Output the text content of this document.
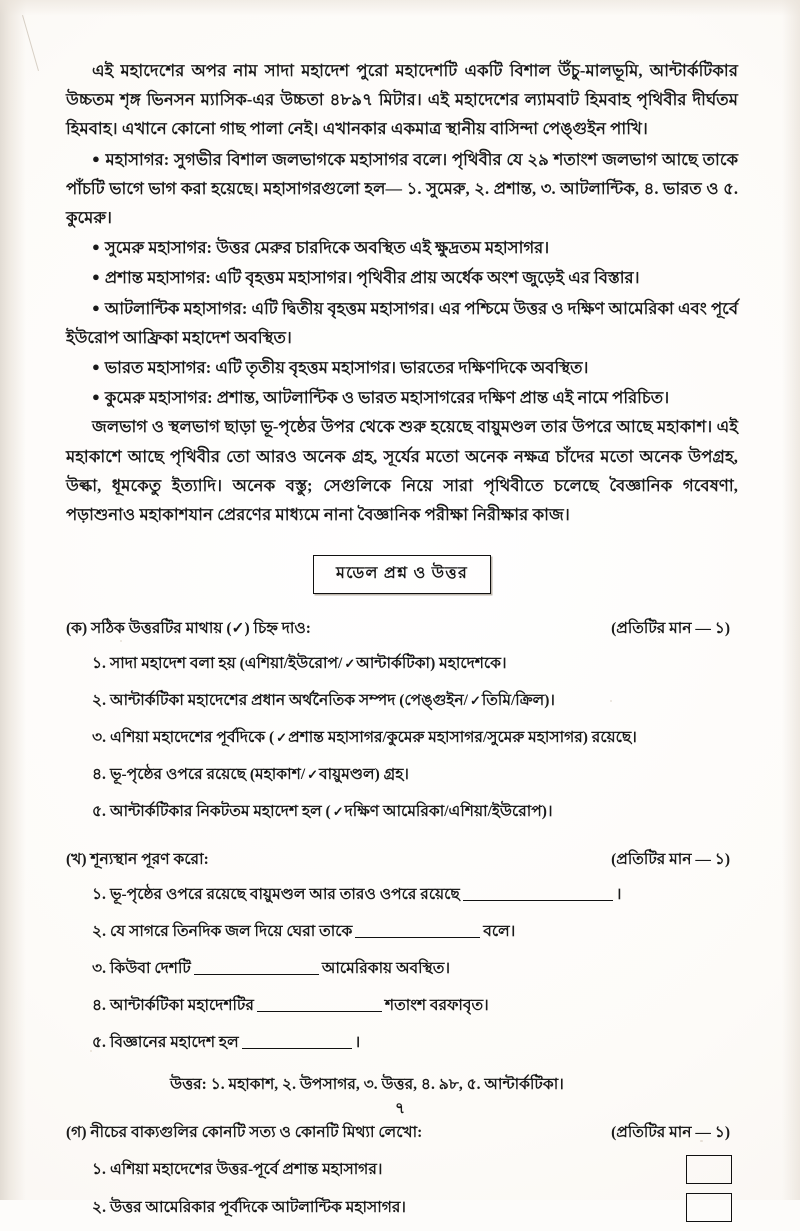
এই মহাদেশের অপর নাম সাদা মহাদেশ পুরো মহাদেশটি একটি বিশাল উঁচু-মালভূমি, আন্টার্কটিকার উচ্চতম শৃঙ্গ ভিনসন ম্যাসিক-এর উচ্চতা ৪৮৯৭ মিটার। এই মহাদেশের ল্যামবাট হিমবাহ পৃথিবীর দীর্ঘতম হিমবাহ। এখানে কোনো গাছ পালা নেই। এখানকার একমাত্র স্থানীয় বাসিন্দা পেঙ্গুইন পাখি।

● মহাসাগর: সুগভীর বিশাল জলভাগকে মহাসাগর বলে। পৃথিবীর যে ২৯ শতাংশ জলভাগ আছে তাকে পাঁচটি ভাগে ভাগ করা হয়েছে। মহাসাগরগুলো হল— ১. সুমেরু, ২. প্রশান্ত, ৩. আটলান্টিক, ৪. ভারত ও ৫. কুমেরু।

● সুমেরু মহাসাগর: উত্তর মেরুর চারদিকে অবস্থিত এই ক্ষুদ্রতম মহাসাগর।

● প্রশান্ত মহাসাগর: এটি বৃহত্তম মহাসাগর। পৃথিবীর প্রায় অর্ধেক অংশ জুড়েই এর বিস্তার।

● আটলান্টিক মহাসাগর: এটি দ্বিতীয় বৃহত্তম মহাসাগর। এর পশ্চিমে উত্তর ও দক্ষিণ আমেরিকা এবং পূর্বে ইউরোপ আফ্রিকা মহাদেশ অবস্থিত।

● ভারত মহাসাগর: এটি তৃতীয় বৃহত্তম মহাসাগর। ভারতের দক্ষিণদিকে অবস্থিত।

● কুমেরু মহাসাগর: প্রশান্ত, আটলান্টিক ও ভারত মহাসাগরের দক্ষিণ প্রান্ত এই নামে পরিচিত।

জলভাগ ও স্থলভাগ ছাড়া ভূ-পৃষ্ঠের উপর থেকে শুরু হয়েছে বায়ুমণ্ডল তার উপরে আছে মহাকাশ। এই মহাকাশে আছে পৃথিবীর তো আরও অনেক গ্রহ, সূর্যের মতো অনেক নক্ষত্র চাঁদের মতো অনেক উপগ্রহ, উল্কা, ধূমকেতু ইত্যাদি। অনেক বস্তু; সেগুলিকে নিয়ে সারা পৃথিবীতে চলেছে বৈজ্ঞানিক গবেষণা, পড়াশুনাও মহাকাশযান প্রেরণের মাধ্যমে নানা বৈজ্ঞানিক পরীক্ষা নিরীক্ষার কাজ।

মডেল প্রশ্ন ও উত্তর
(ক) সঠিক উত্তরটির মাথায় (✓) চিহ্ন দাও:	(প্রতিটির মান — ১)
১. সাদা মহাদেশ বলা হয় (এশিয়া/ইউরোপ/ ✓আন্টার্কটিকা) মহাদেশকে।
২. আন্টার্কটিকা মহাদেশের প্রধান অর্থনৈতিক সম্পদ (পেঙ্গুইন/ ✓তিমি/ক্রিল)।
৩. এশিয়া মহাদেশের পূর্বদিকে ( ✓প্রশান্ত মহাসাগর/কুমেরু মহাসাগর/সুমেরু মহাসাগর) রয়েছে।
৪. ভূ-পৃষ্ঠের ওপরে রয়েছে (মহাকাশ/ ✓বায়ুমণ্ডল) গ্রহ।
৫. আন্টার্কটিকার নিকটতম মহাদেশ হল ( ✓দক্ষিণ আমেরিকা/এশিয়া/ইউরোপ)।
(খ) শূন্যস্থান পূরণ করো:	(প্রতিটির মান — ১)
১. ভূ-পৃষ্ঠের ওপরে রয়েছে বায়ুমণ্ডল আর তারও ওপরে রয়েছে	।
২. যে সাগরে তিনদিক জল দিয়ে ঘেরা তাকে	বলে।
৩. কিউবা দেশটি	আমেরিকায় অবস্থিত।
৪. আন্টার্কটিকা মহাদেশটির	শতাংশ বরফাবৃত।
৫. বিজ্ঞানের মহাদেশ হল	।
উত্তর: ১. মহাকাশ, ২. উপসাগর, ৩. উত্তর, ৪. ৯৮, ৫. আন্টার্কটিকা।
(গ) নীচের বাক্যগুলির কোনটি সত্য ও কোনটি মিথ্যা লেখো:	(প্রতিটির মান — ১)
১. এশিয়া মহাদেশের উত্তর-পূর্বে প্রশান্ত মহাসাগর।
২. উত্তর আমেরিকার পূর্বদিকে আটলান্টিক মহাসাগর।
৭
